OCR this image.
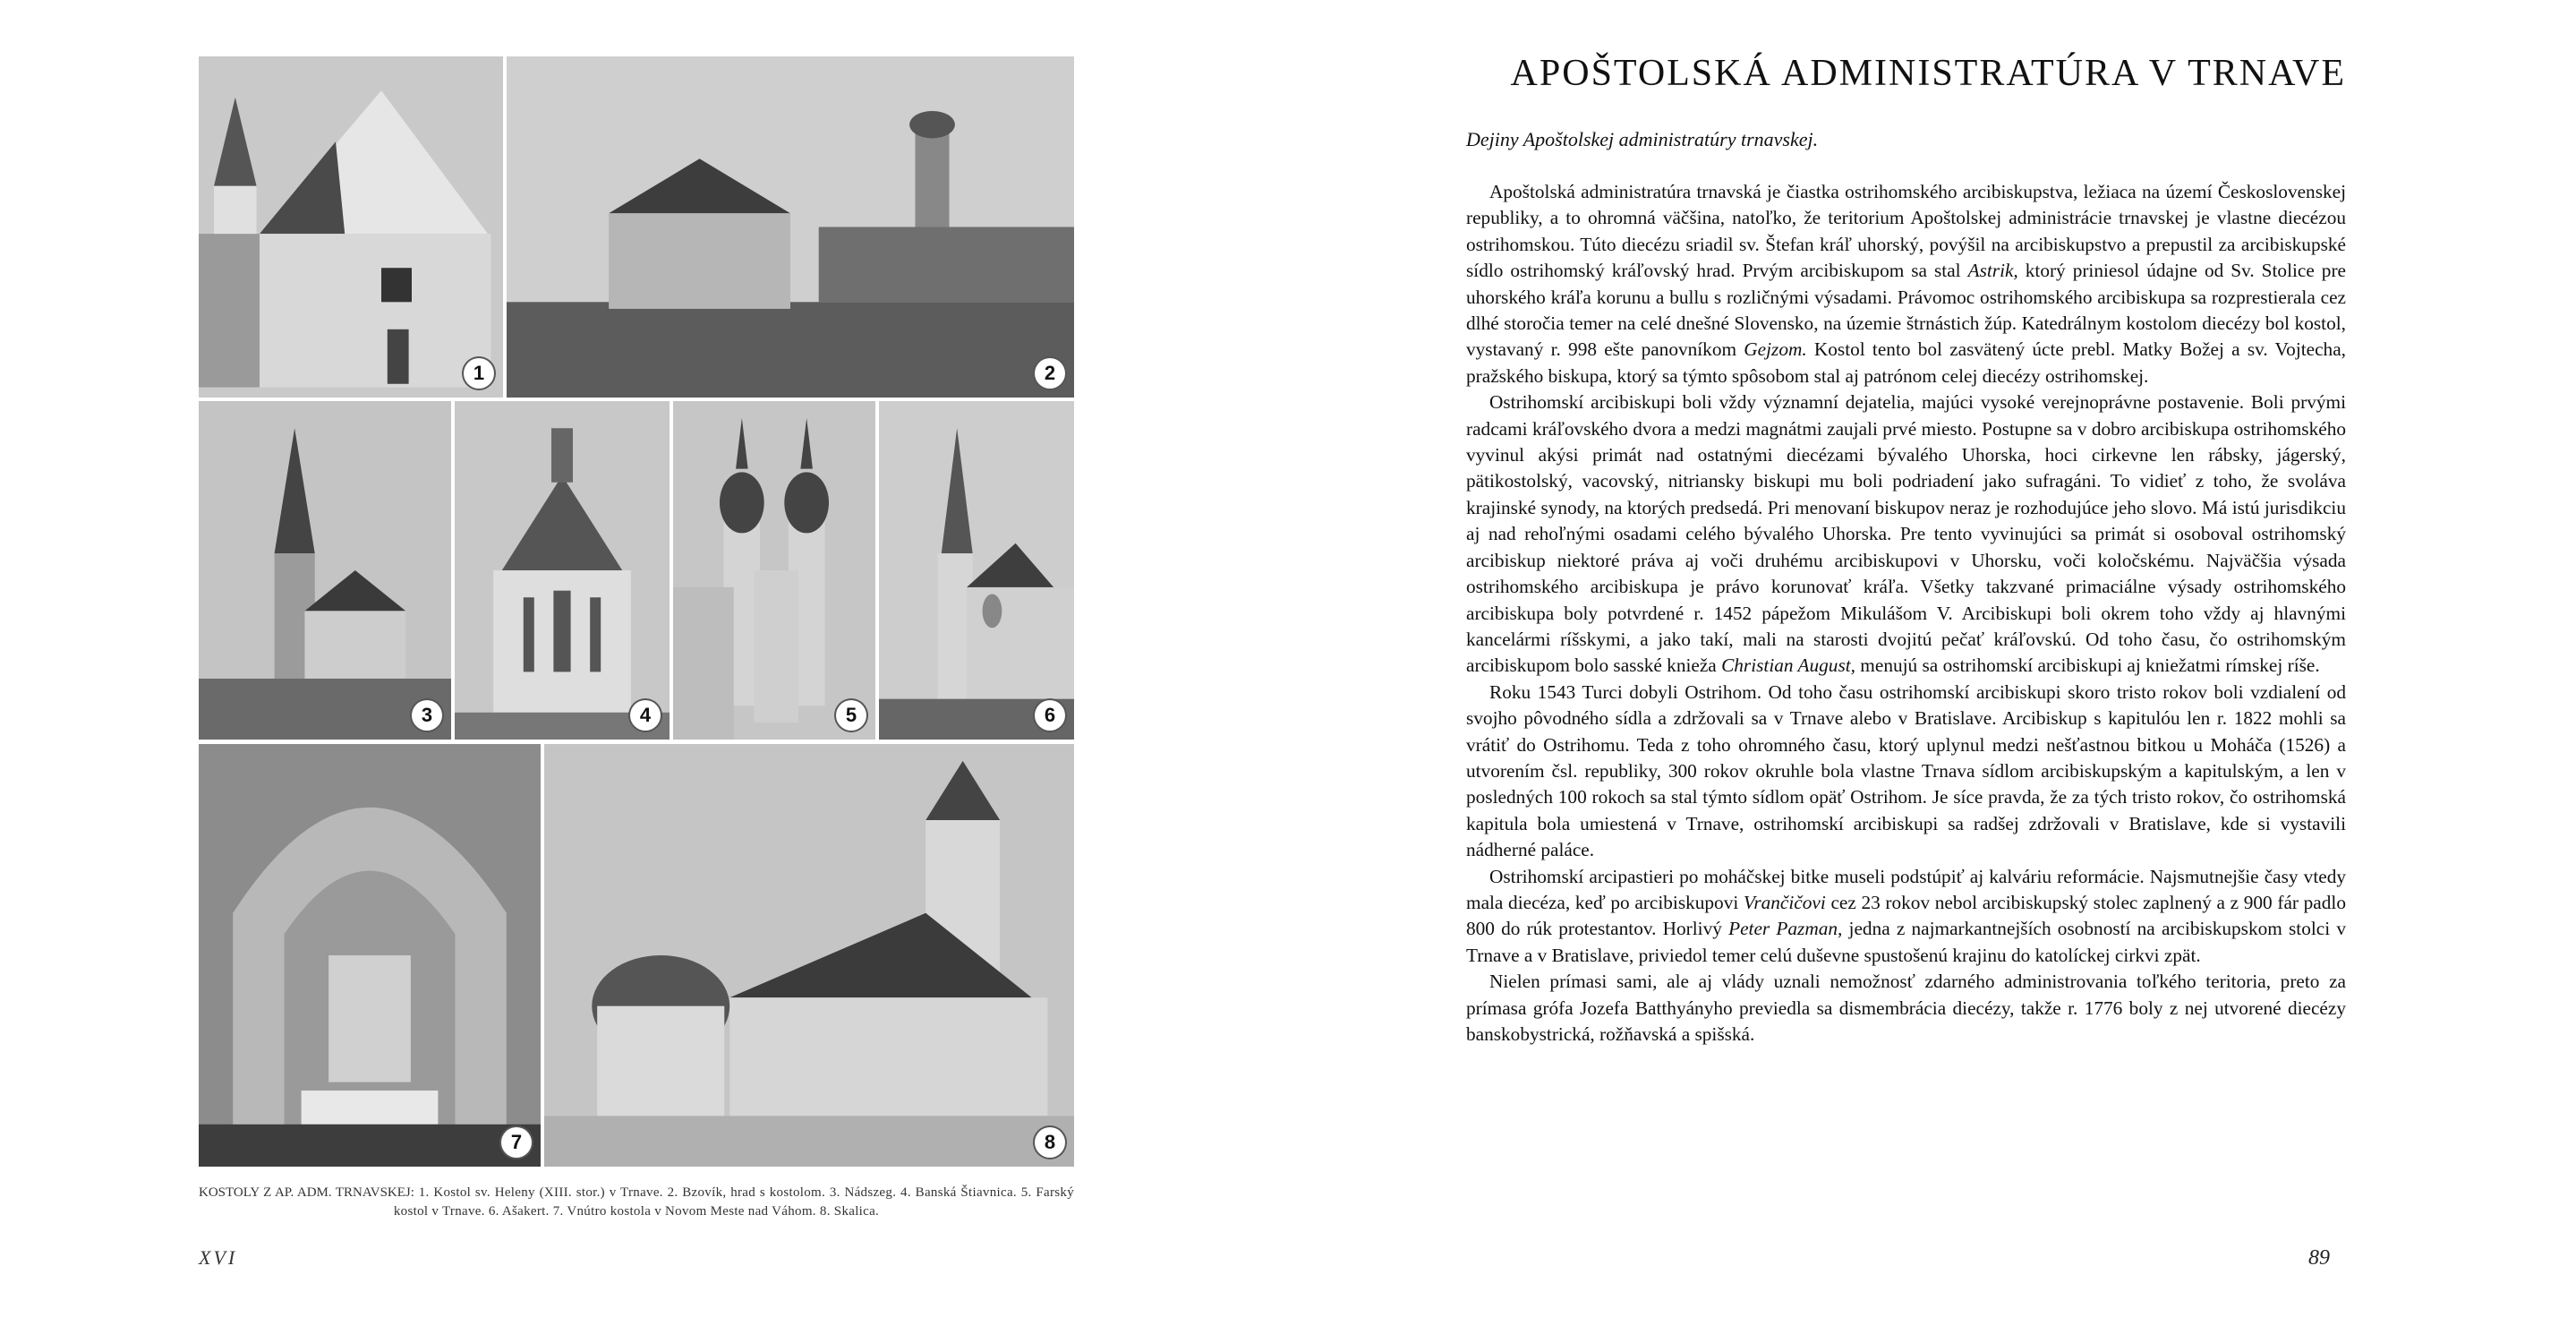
1	2
3	4	5	6
7	8
KOSTOLY Z AP. ADM. TRNAVSKEJ: 1. Kostol sv. Heleny (XIII. stor.) v Trnave. 2. Bzovík, hrad s kostolom. 3. Nádszeg. 4. Banská Štiavnica. 5. Farský kostol v Trnave. 6. Ašakert. 7. Vnútro kostola v Novom Meste nad Váhom. 8. Skalica.
XVI
APOŠTOLSKÁ ADMINISTRATÚRA V TRNAVE
Dejiny Apoštolskej administratúry trnavskej.

Apoštolská administratúra trnavská je čiastka ostrihomského arcibiskupstva, ležiaca na území Československej republiky, a to ohromná väčšina, natoľko, že teritorium Apoštolskej administrácie trnavskej je vlastne diecézou ostrihomskou. Túto diecézu sriadil sv. Štefan kráľ uhorský, povýšil na arcibiskupstvo a prepustil za arcibiskupské sídlo ostrihomský kráľovský hrad. Prvým arcibiskupom sa stal Astrik, ktorý priniesol údajne od Sv. Stolice pre uhorského kráľa korunu a bullu s rozličnými výsadami. Právomoc ostrihomského arcibiskupa sa rozprestierala cez dlhé storočia temer na celé dnešné Slovensko, na územie štrnástich žúp. Katedrálnym kostolom diecézy bol kostol, vystavaný r. 998 ešte panovníkom Gejzom. Kostol tento bol zasvätený úcte prebl. Matky Božej a sv. Vojtecha, pražského biskupa, ktorý sa týmto spôsobom stal aj patrónom celej diecézy ostrihomskej.

Ostrihomskí arcibiskupi boli vždy významní dejatelia, majúci vysoké verejnoprávne postavenie. Boli prvými radcami kráľovského dvora a medzi magnátmi zaujali prvé miesto. Postupne sa v dobro arcibiskupa ostrihomského vyvinul akýsi primát nad ostatnými diecézami bývalého Uhorska, hoci cirkevne len rábsky, jágerský, pätikostolský, vacovský, nitriansky biskupi mu boli podriadení jako sufragáni. To vidieť z toho, že svoláva krajinské synody, na ktorých predsedá. Pri menovaní biskupov neraz je rozhodujúce jeho slovo. Má istú jurisdikciu aj nad rehoľnými osadami celého bývalého Uhorska. Pre tento vyvinujúci sa primát si osoboval ostrihomský arcibiskup niektoré práva aj voči druhému arcibiskupovi v Uhorsku, voči koločskému. Najväčšia výsada ostrihomského arcibiskupa je právo korunovať kráľa. Všetky takzvané primaciálne výsady ostrihomského arcibiskupa boly potvrdené r. 1452 pápežom Mikulášom V. Arcibiskupi boli okrem toho vždy aj hlavnými kancelármi ríšskymi, a jako takí, mali na starosti dvojitú pečať kráľovskú. Od toho času, čo ostrihomským arcibiskupom bolo sasské knieža Christian August, menujú sa ostrihomskí arcibiskupi aj kniežatmi rímskej ríše.

Roku 1543 Turci dobyli Ostrihom. Od toho času ostrihomskí arcibiskupi skoro tristo rokov boli vzdialení od svojho pôvodného sídla a zdržovali sa v Trnave alebo v Bratislave. Arcibiskup s kapitulóu len r. 1822 mohli sa vrátiť do Ostrihomu. Teda z toho ohromného času, ktorý uplynul medzi nešťastnou bitkou u Moháča (1526) a utvorením čsl. republiky, 300 rokov okruhle bola vlastne Trnava sídlom arcibiskupským a kapitulským, a len v posledných 100 rokoch sa stal týmto sídlom opäť Ostrihom. Je síce pravda, že za tých tristo rokov, čo ostrihomská kapitula bola umiestená v Trnave, ostrihomskí arcibiskupi sa radšej zdržovali v Bratislave, kde si vystavili nádherné paláce.

Ostrihomskí arcipastieri po moháčskej bitke museli podstúpiť aj kalváriu reformácie. Najsmutnejšie časy vtedy mala diecéza, keď po arcibiskupovi Vrančičovi cez 23 rokov nebol arcibiskupský stolec zaplnený a z 900 fár padlo 800 do rúk protestantov. Horlivý Peter Pazman, jedna z najmarkantnejších osobností na arcibiskupskom stolci v Trnave a v Bratislave, priviedol temer celú duševne spustošenú krajinu do katolíckej cirkvi zpät.

Nielen prímasi sami, ale aj vlády uznali nemožnosť zdarného administrovania toľkého teritoria, preto za prímasa grófa Jozefa Batthyányho previedla sa dismembrácia diecézy, takže r. 1776 boly z nej utvorené diecézy banskobystrická, rožňavská a spišská.

89
